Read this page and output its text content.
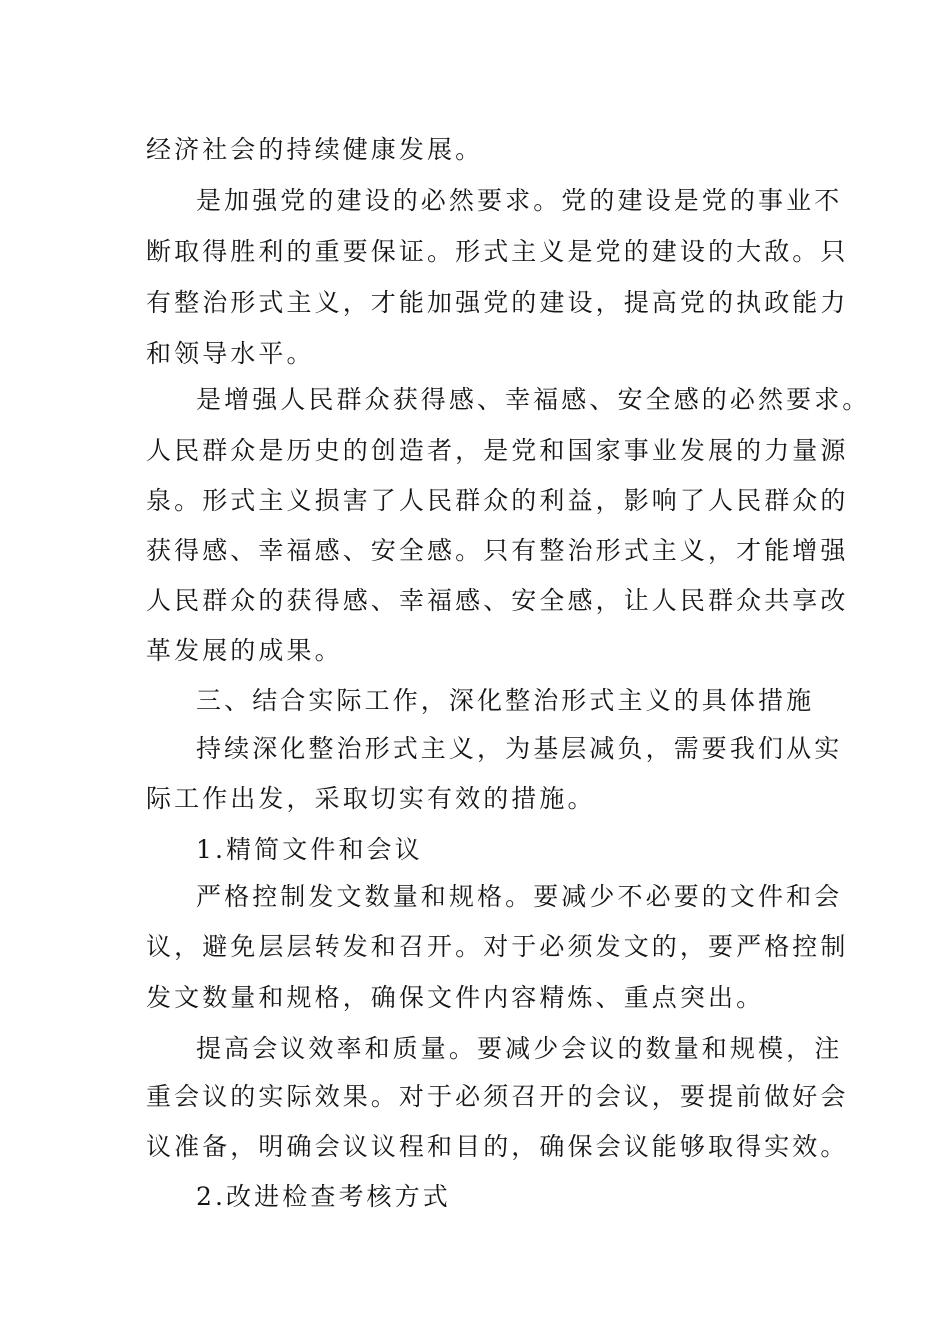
经济社会的持续健康发展。
是加强党的建设的必然要求。党的建设是党的事业不
断取得胜利的重要保证。形式主义是党的建设的大敌。只
有整治形式主义，才能加强党的建设，提高党的执政能力
和领导水平。
是增强人民群众获得感、幸福感、安全感的必然要求。
人民群众是历史的创造者，是党和国家事业发展的力量源
泉。形式主义损害了人民群众的利益，影响了人民群众的
获得感、幸福感、安全感。只有整治形式主义，才能增强
人民群众的获得感、幸福感、安全感，让人民群众共享改
革发展的成果。
三、结合实际工作，深化整治形式主义的具体措施
持续深化整治形式主义，为基层减负，需要我们从实
际工作出发，采取切实有效的措施。
1.精简文件和会议
严格控制发文数量和规格。要减少不必要的文件和会
议，避免层层转发和召开。对于必须发文的，要严格控制
发文数量和规格，确保文件内容精炼、重点突出。
提高会议效率和质量。要减少会议的数量和规模，注
重会议的实际效果。对于必须召开的会议，要提前做好会
议准备，明确会议议程和目的，确保会议能够取得实效。
2.改进检查考核方式
